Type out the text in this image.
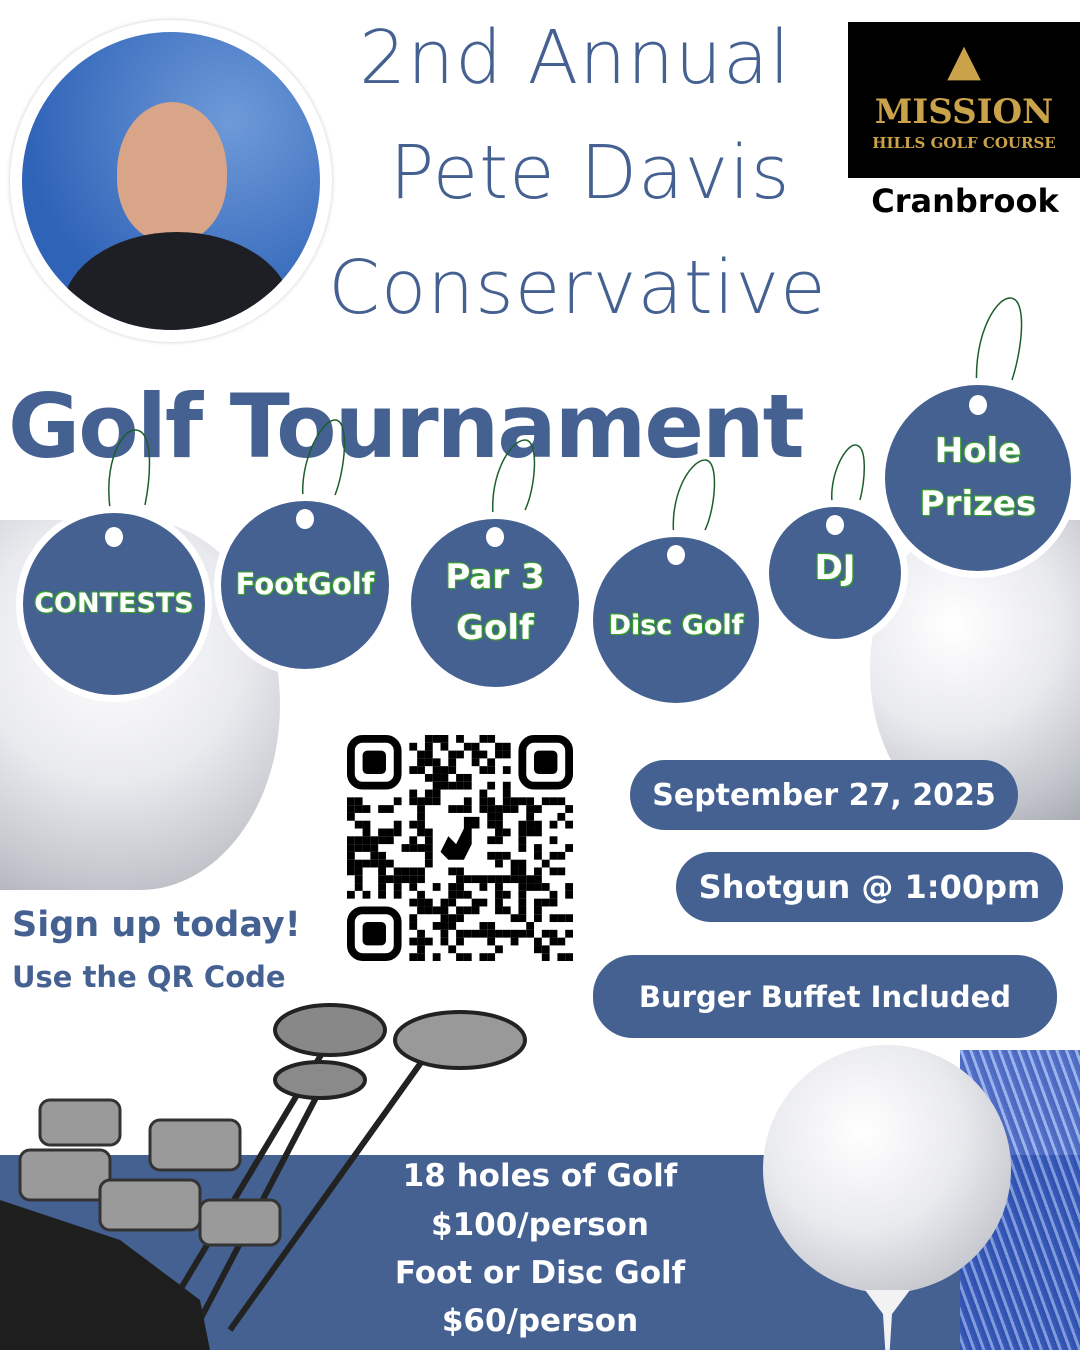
2nd Annual
Pete Davis
Conservative
Golf Tournament
▲
MISSION
HILLS GOLF COURSE
Cranbrook
CONTESTS
FootGolf Par 3
Golf	Disc Golf
DJ
Hole
Prizes
Sign up today!
Use the QR Code
September 27, 2025
Shotgun @ 1:00pm
Burger Buffet Included
18 holes of Golf
$100/person
Foot or Disc Golf
$60/person
